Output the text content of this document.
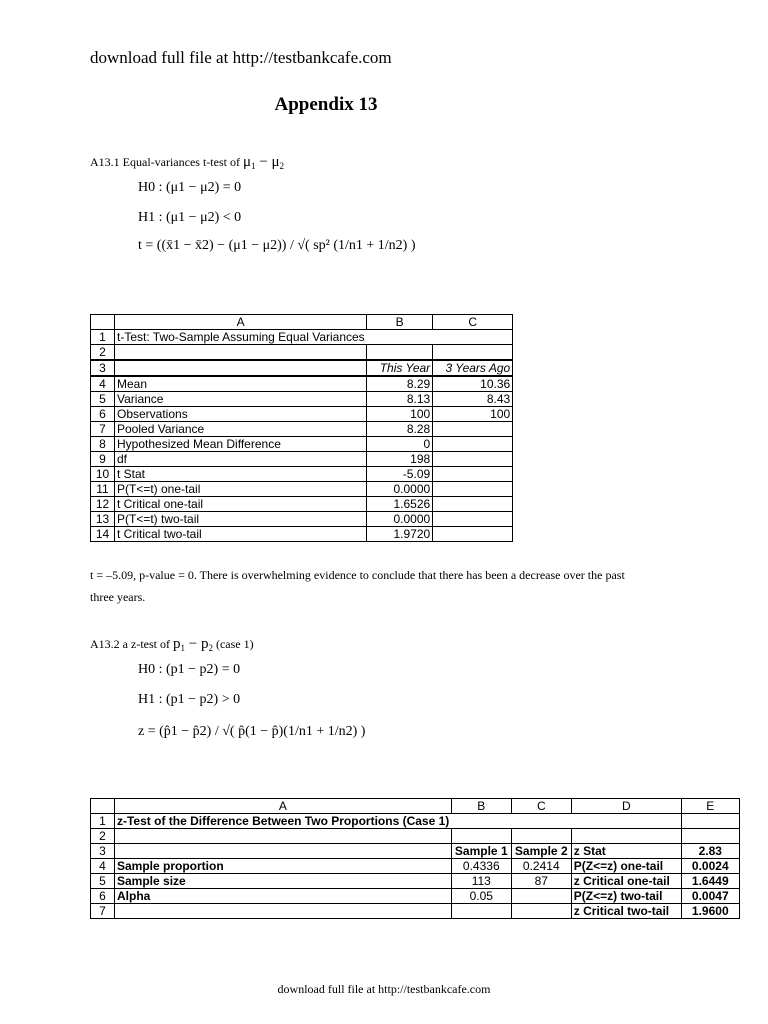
download full file at http://testbankcafe.com
Appendix 13
A13.1 Equal-variances t-test of $\mu_1 - \mu_2$
H0 : (μ1 − μ2) = 0
H1 : (μ1 − μ2) < 0
t = ((x̄1 − x̄2) − (μ1 − μ2)) / √( sp² (1/n1 + 1/n2) )
	A	B	C
1	t-Test: Two-Sample Assuming Equal Variances		
2			
3		This Year	3 Years Ago
4	Mean	8.29	10.36
5	Variance	8.13	8.43
6	Observations	100	100
7	Pooled Variance	8.28	
8	Hypothesized Mean Difference	0	
9	df	198	
10	t Stat	-5.09	
11	P(T<=t) one-tail	0.0000	
12	t Critical one-tail	1.6526	
13	P(T<=t) two-tail	0.0000	
14	t Critical two-tail	1.9720	
t = –5.09, p-value = 0. There is overwhelming evidence to conclude that there has been a decrease over the past
three years.
A13.2 a z-test of $p_1 - p_2$ (case 1)
H0 : (p1 − p2) = 0
H1 : (p1 − p2) > 0
z = (p̂1 − p̂2) / √( p̂(1 − p̂)(1/n1 + 1/n2) )
	A	B	C	D	E
1	z-Test of the Difference Between Two Proportions (Case 1)				
2					
3		Sample 1	Sample 2	z Stat	2.83
4	Sample proportion	0.4336	0.2414	P(Z<=z) one-tail	0.0024
5	Sample size	113	87	z Critical one-tail	1.6449
6	Alpha	0.05		P(Z<=z) two-tail	0.0047
7				z Critical two-tail	1.9600
download full file at http://testbankcafe.com
